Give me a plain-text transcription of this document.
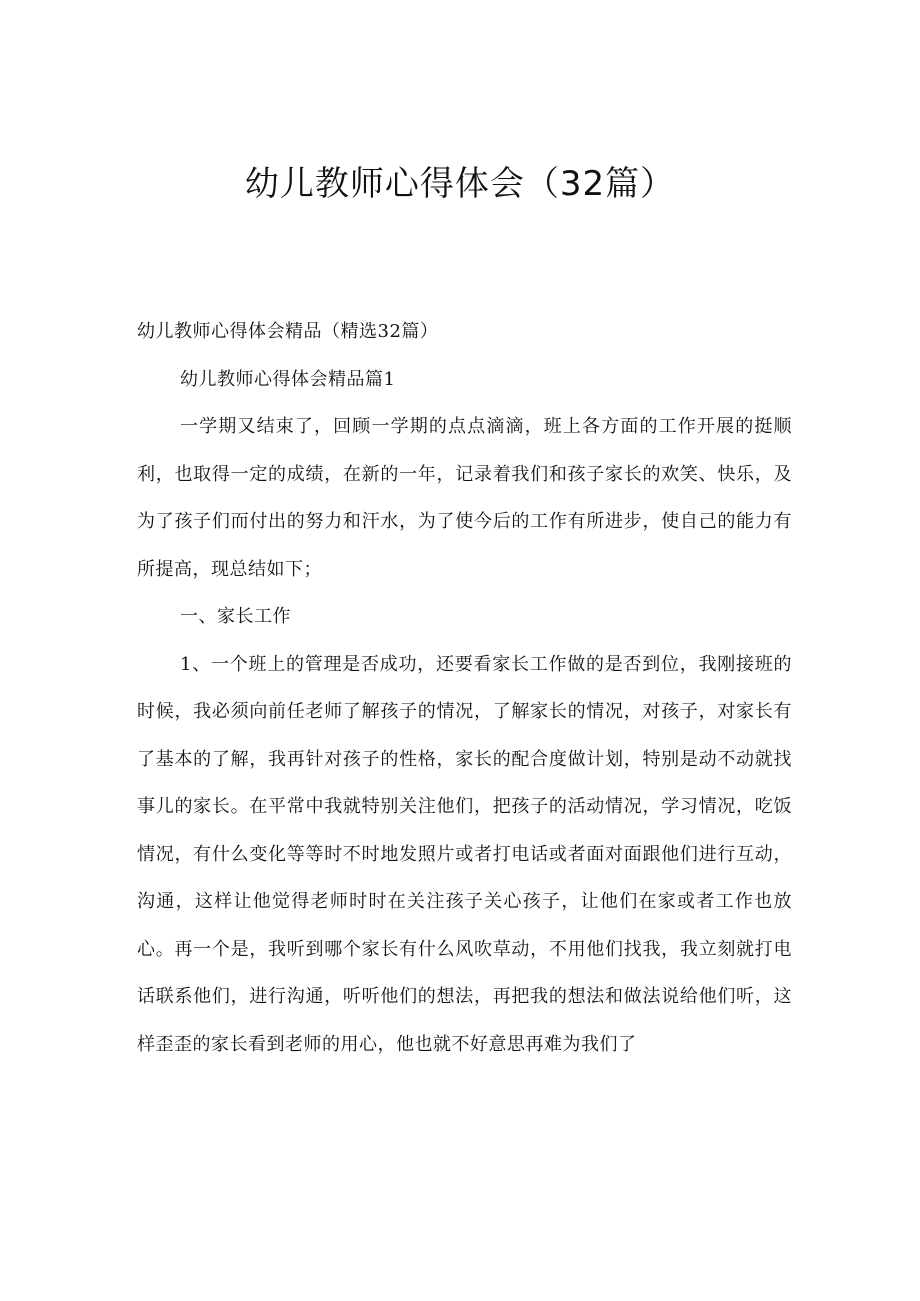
幼儿教师心得体会（32篇）

幼儿教师心得体会精品（精选32篇）

幼儿教师心得体会精品篇1

一学期又结束了，回顾一学期的点点滴滴，班上各方面的工作开展的挺顺利，也取得一定的成绩，在新的一年，记录着我们和孩子家长的欢笑、快乐，及为了孩子们而付出的努力和汗水，为了使今后的工作有所进步，使自己的能力有所提高，现总结如下；

一、家长工作

1、一个班上的管理是否成功，还要看家长工作做的是否到位，我刚接班的时候，我必须向前任老师了解孩子的情况，了解家长的情况，对孩子，对家长有了基本的了解，我再针对孩子的性格，家长的配合度做计划，特别是动不动就找事儿的家长。在平常中我就特别关注他们，把孩子的活动情况，学习情况，吃饭情况，有什么变化等等时不时地发照片或者打电话或者面对面跟他们进行互动，沟通，这样让他觉得老师时时在关注孩子关心孩子，让他们在家或者工作也放心。再一个是，我听到哪个家长有什么风吹草动，不用他们找我，我立刻就打电话联系他们，进行沟通，听听他们的想法，再把我的想法和做法说给他们听，这样歪歪的家长看到老师的用心，他也就不好意思再难为我们了
